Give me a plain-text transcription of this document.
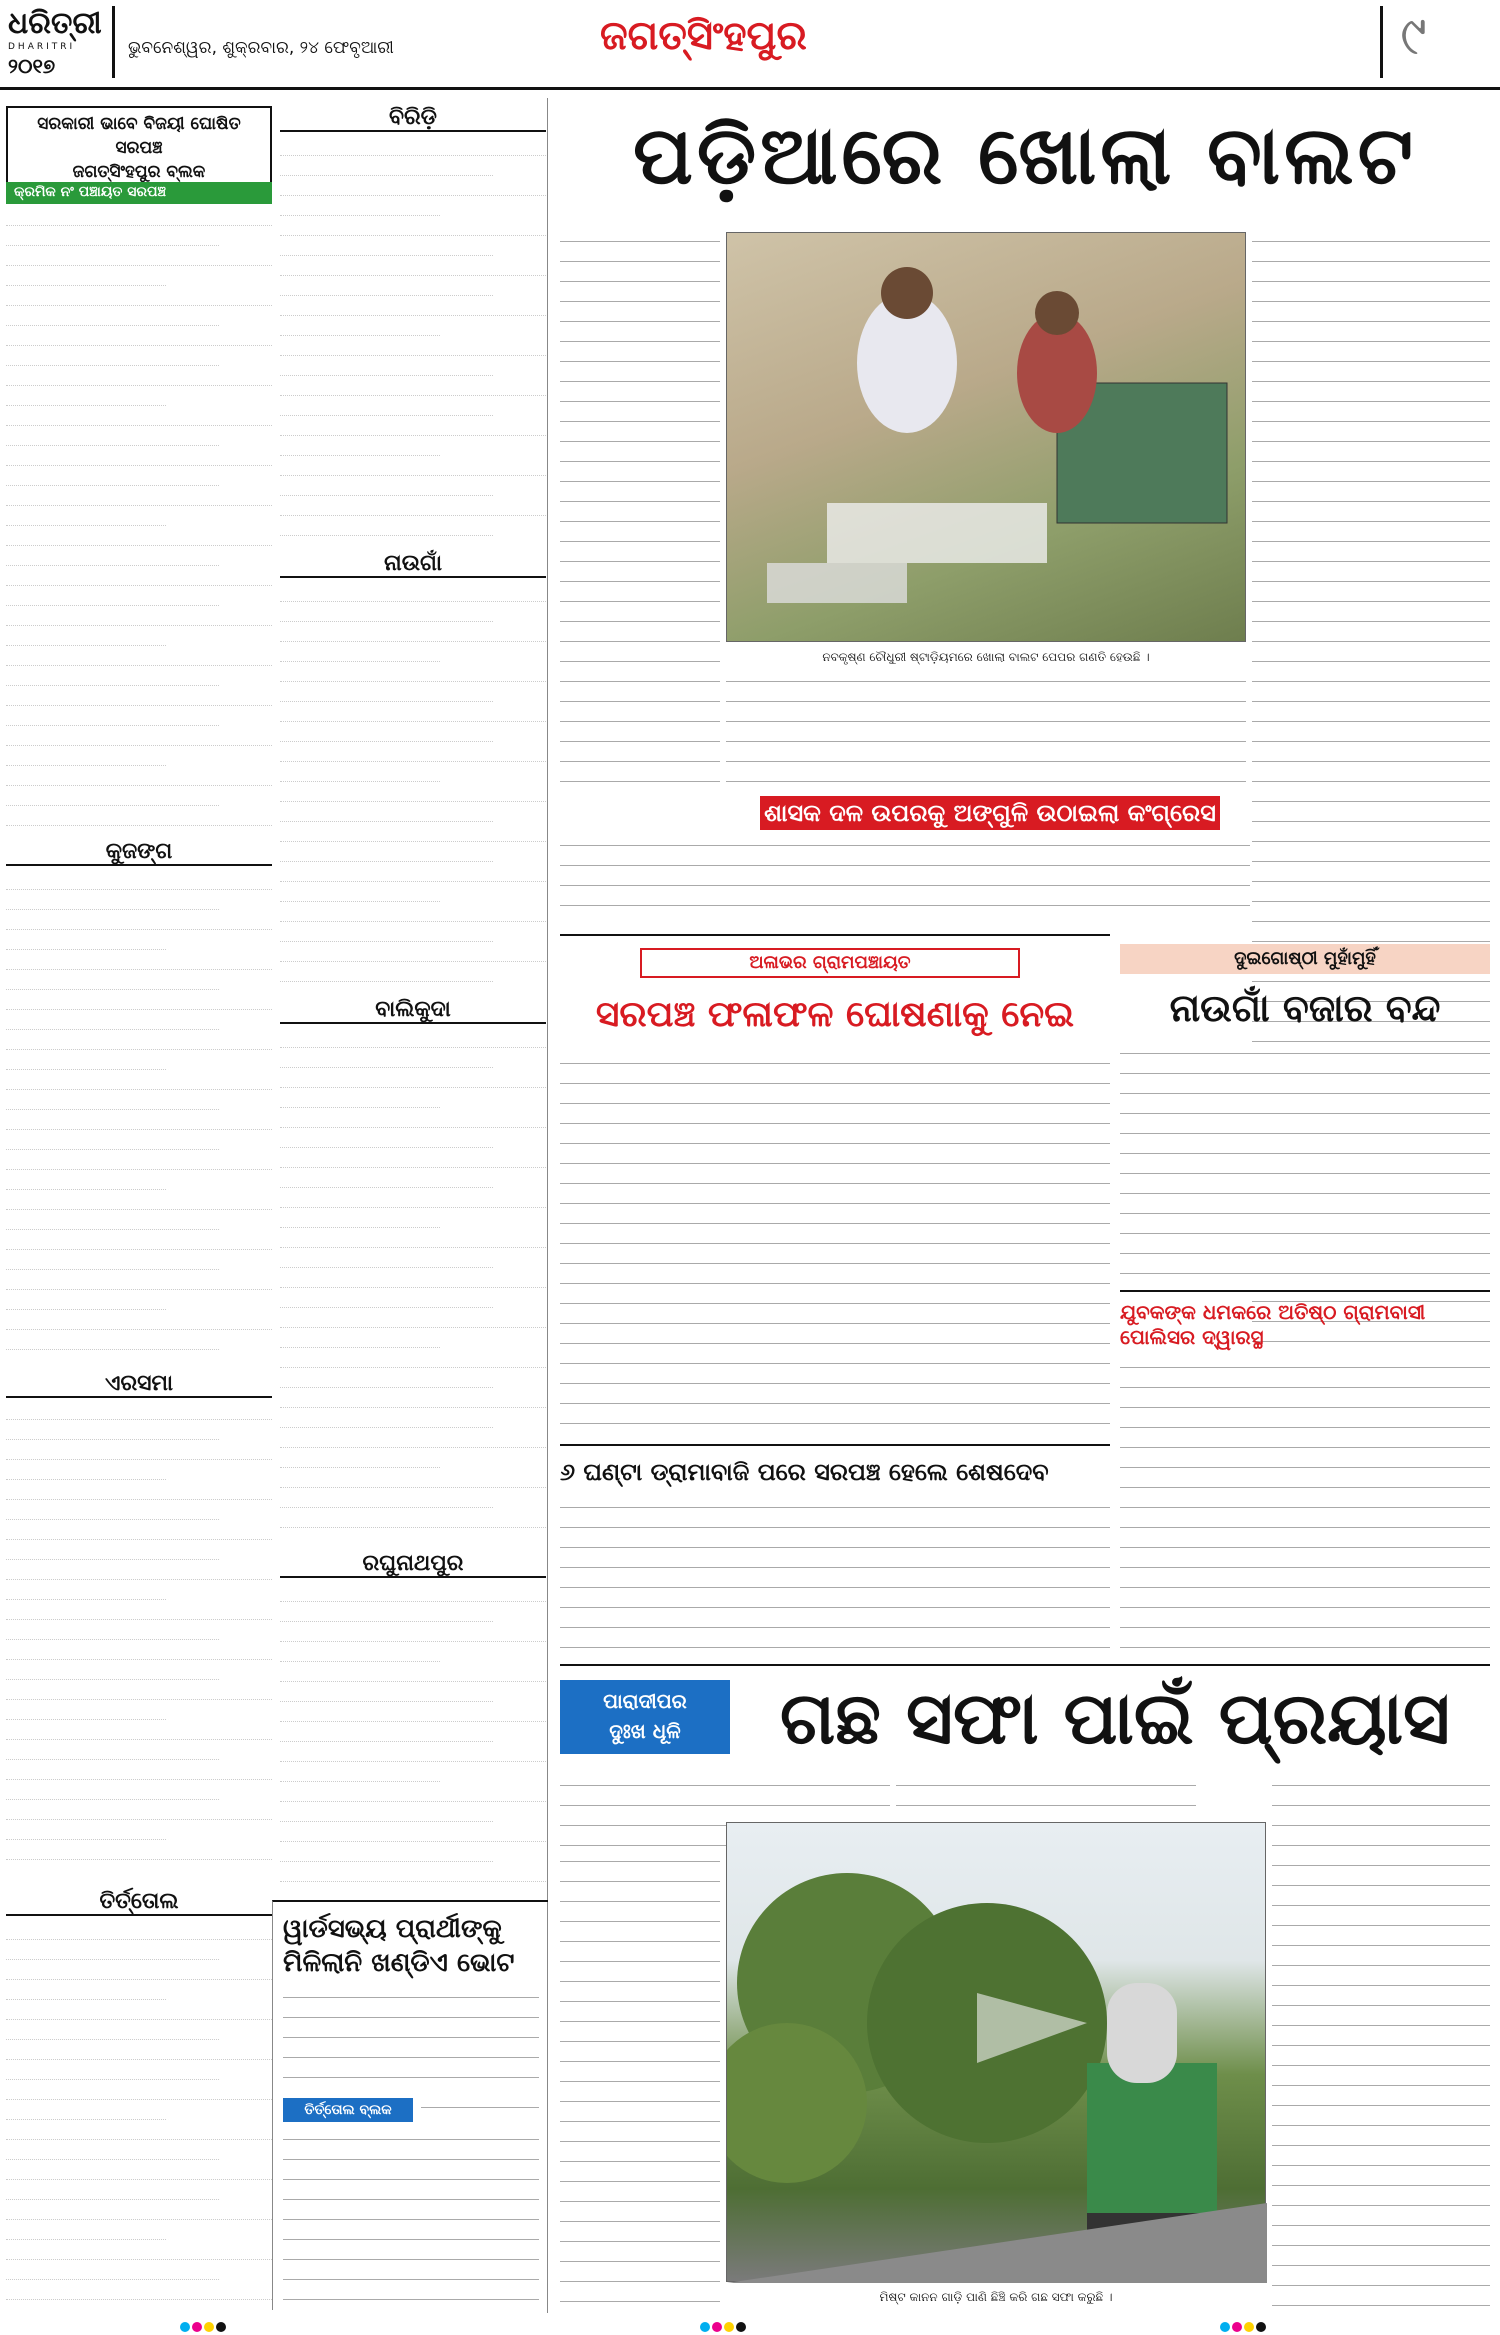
ଧରିତ୍ରୀ
DHARITRI
୨୦୧୭
ଭୁବନେଶ୍ୱର, ଶୁକ୍ରବାର, ୨୪ ଫେବୃଆରୀ	ଜଗତ୍‌ସିଂହପୁର	୯
ସରକାରୀ ଭାବେ ବିଜୟୀ ଘୋଷିତ ସରପଞ୍ଚ
ଜଗତ୍‌ସିଂହପୁର ବ୍ଲକ
କ୍ରମିକ ନଂ ପଞ୍ଚାୟତ ସରପଞ୍ଚ
କୁଜଙ୍ଗ
ଏରସମା
ତିର୍ତ୍ତୋଲ
ବିରିଡ଼ି
ନାଉଗାଁ
ବାଲିକୁଦା
ରଘୁନାଥପୁର
ୱାର୍ଡସଭ୍ୟ ପ୍ରାର୍ଥୀଙ୍କୁ
ମିଳିଲାନି ଖଣ୍ଡିଏ ଭୋଟ
ତିର୍ତ୍ତୋଲ ବ୍ଲକ
ପଡ଼ିଆରେ ଖୋଲା ବାଲଟ
ନବକୃଷ୍ଣ ଚୌଧୁରୀ ଷ୍ଟାଡ଼ିୟମରେ ଖୋଲା ବାଲଟ ପେପର ଗଣତି ହେଉଛି ।
ଶାସକ ଦଳ ଉପରକୁ ଅଙ୍ଗୁଳି ଉଠାଇଲା କଂଗ୍ରେସ
ଅଳାଭର ଗ୍ରାମପଞ୍ଚାୟତ
ସରପଞ୍ଚ ଫଳାଫଳ ଘୋଷଣାକୁ ନେଇ
ଦୁଇଗୋଷ୍ଠୀ ମୁହାଁମୁହିଁ
ନାଉଗାଁ ବଜାର ବନ୍ଦ
ଯୁବକଙ୍କ ଧମକରେ ଅତିଷ୍ଠ ଗ୍ରାମବାସୀ ପୋଲିସର ଦ୍ୱାରସ୍ଥ
୬ ଘଣ୍ଟା ଡ୍ରାମାବାଜି ପରେ ସରପଞ୍ଚ ହେଲେ ଶେଷଦେବ
ପାରାଦୀପର
ଦୁଃଖ ଧୂଳି	ଗଛ ସଫା ପାଇଁ ପ୍ରୟାସ
ମିଷ୍ଟ କାନନ ଗାଡ଼ି ପାଣି ଛିଞ୍ଚି କରି ଗଛ ସଫା କରୁଛି ।
